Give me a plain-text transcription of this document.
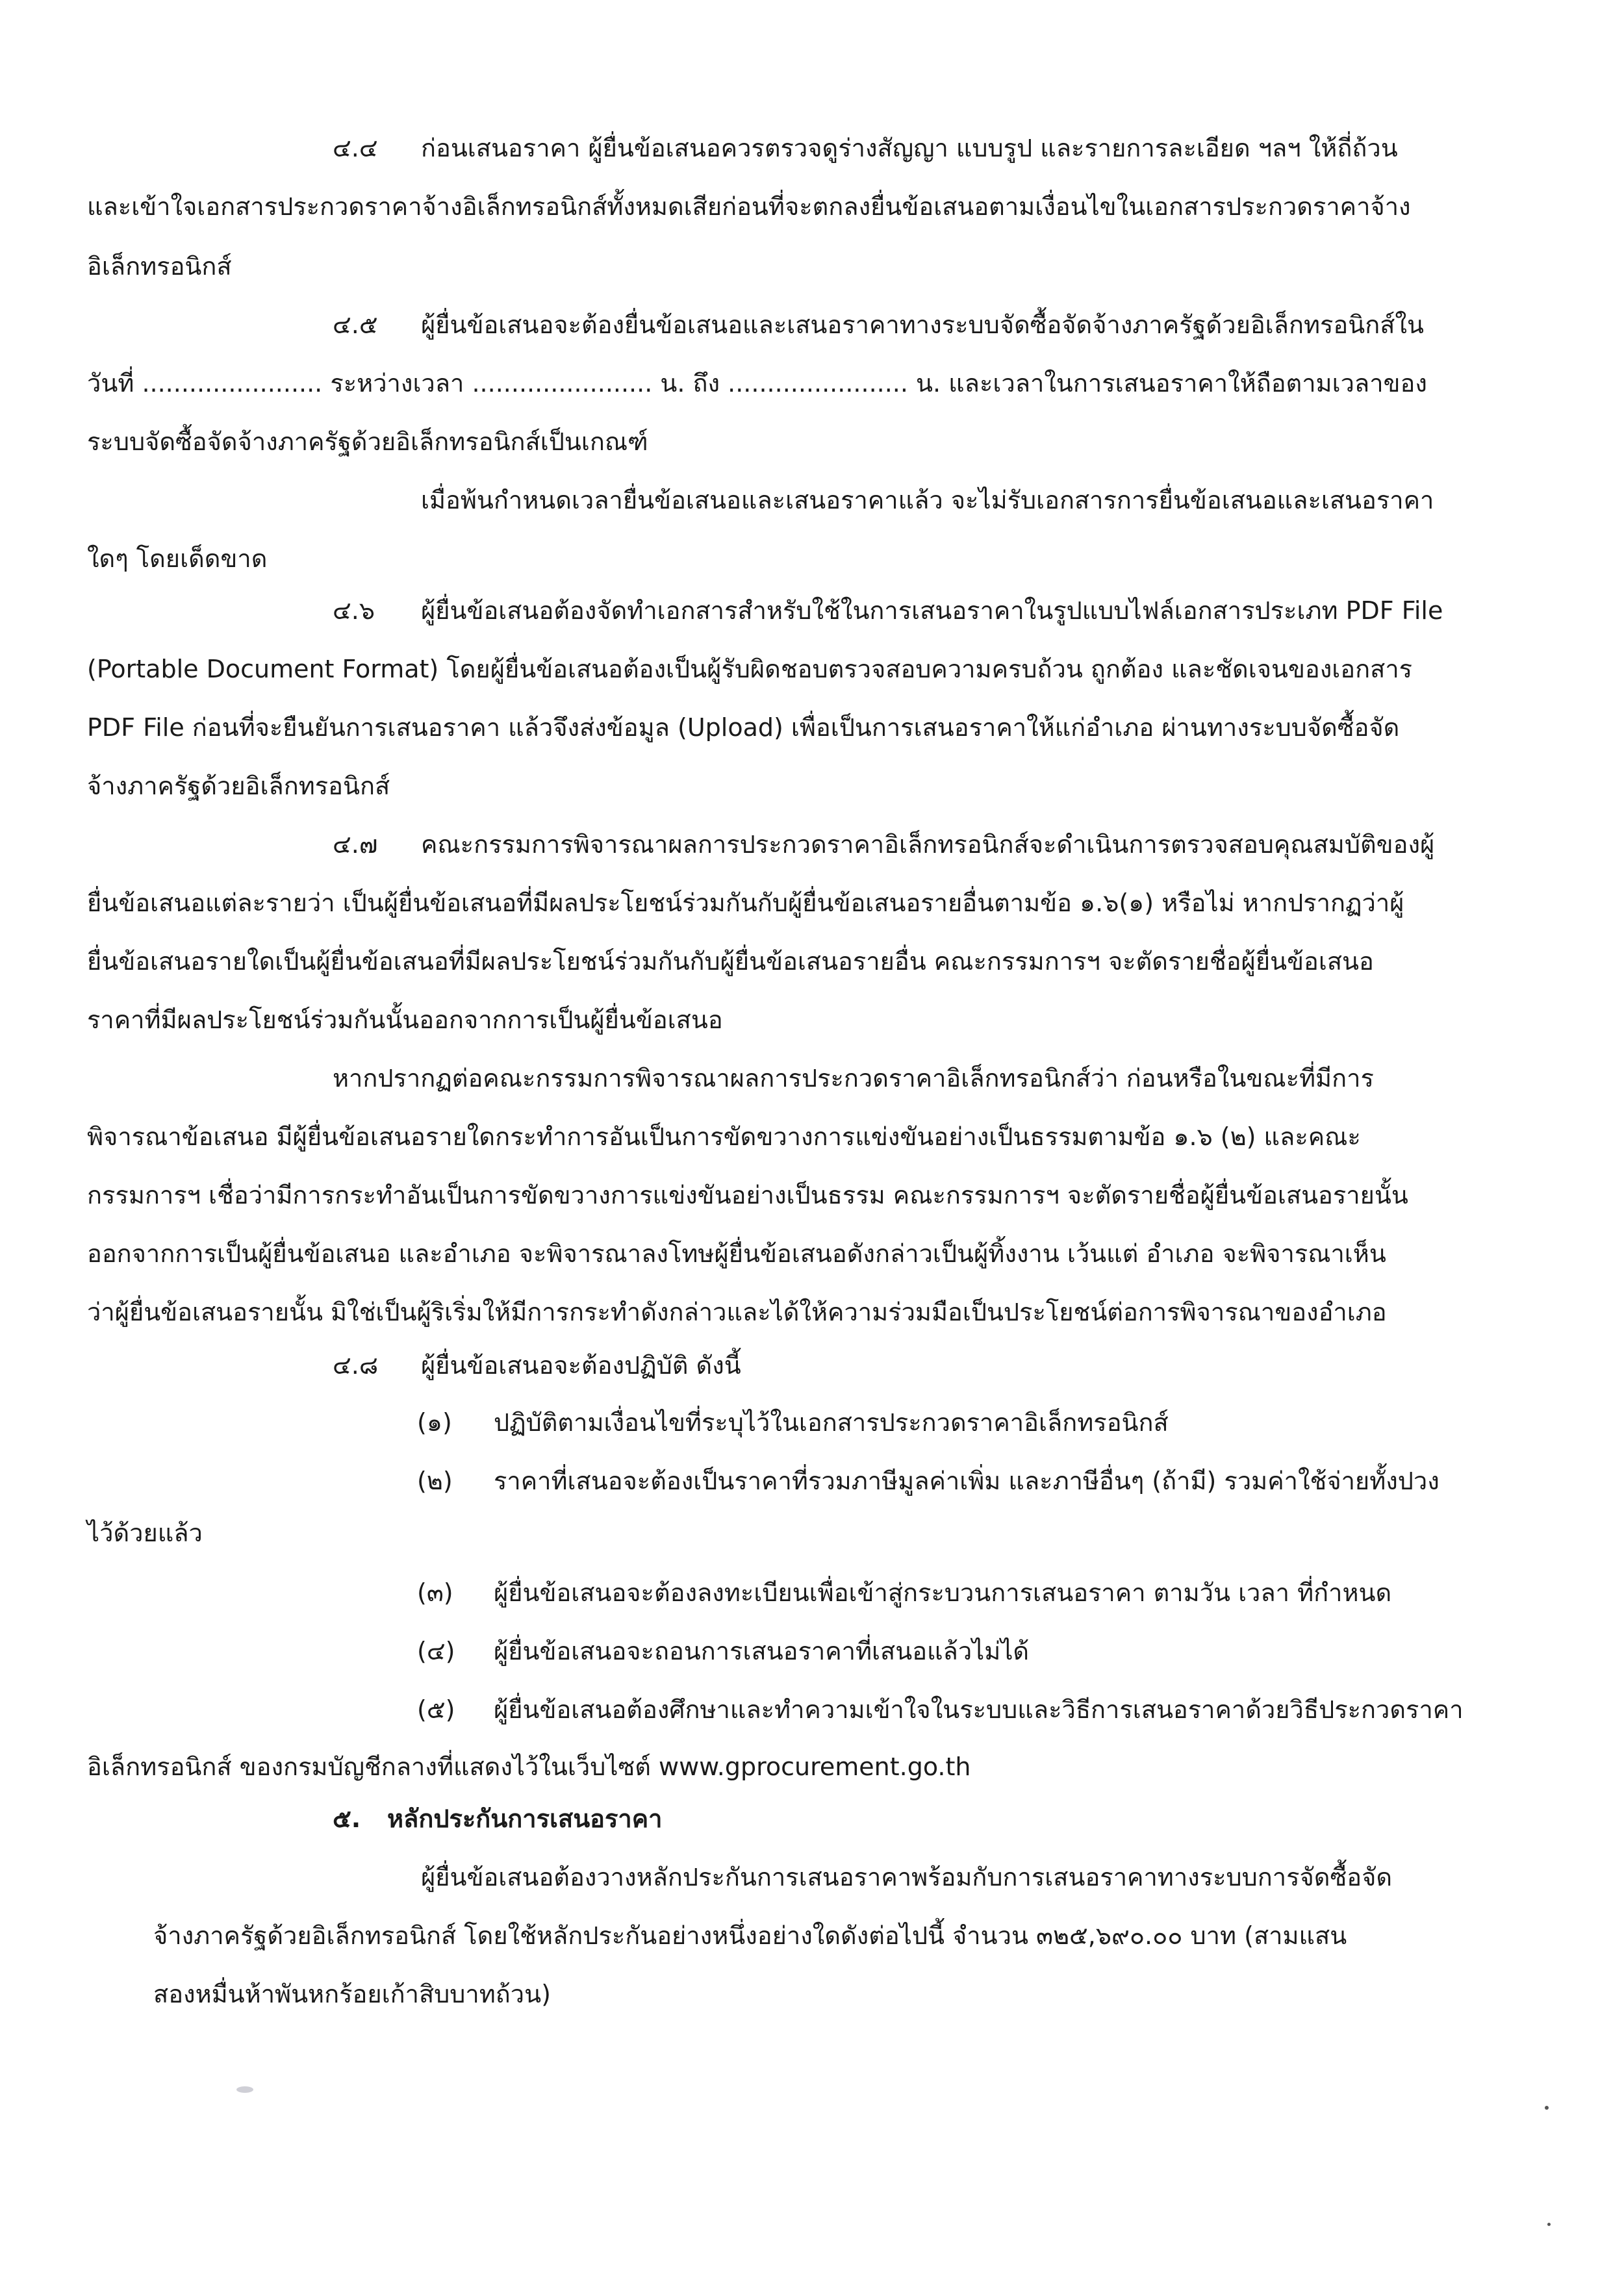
๔.๔ ก่อนเสนอราคา ผู้ยื่นข้อเสนอควรตรวจดูร่างสัญญา แบบรูป และรายการละเอียด ฯลฯ ให้ถี่ถ้วน
และเข้าใจเอกสารประกวดราคาจ้างอิเล็กทรอนิกส์ทั้งหมดเสียก่อนที่จะตกลงยื่นข้อเสนอตามเงื่อนไขในเอกสารประกวดราคาจ้าง
อิเล็กทรอนิกส์
๔.๕ ผู้ยื่นข้อเสนอจะต้องยื่นข้อเสนอและเสนอราคาทางระบบจัดซื้อจัดจ้างภาครัฐด้วยอิเล็กทรอนิกส์ใน
วันที่ ....................... ระหว่างเวลา ....................... น. ถึง ....................... น. และเวลาในการเสนอราคาให้ถือตามเวลาของ
ระบบจัดซื้อจัดจ้างภาครัฐด้วยอิเล็กทรอนิกส์เป็นเกณฑ์
เมื่อพ้นกำหนดเวลายื่นข้อเสนอและเสนอราคาแล้ว จะไม่รับเอกสารการยื่นข้อเสนอและเสนอราคา
ใดๆ โดยเด็ดขาด
๔.๖ ผู้ยื่นข้อเสนอต้องจัดทำเอกสารสำหรับใช้ในการเสนอราคาในรูปแบบไฟล์เอกสารประเภท PDF File
(Portable Document Format) โดยผู้ยื่นข้อเสนอต้องเป็นผู้รับผิดชอบตรวจสอบความครบถ้วน ถูกต้อง และชัดเจนของเอกสาร
PDF File ก่อนที่จะยืนยันการเสนอราคา แล้วจึงส่งข้อมูล (Upload) เพื่อเป็นการเสนอราคาให้แก่อำเภอ ผ่านทางระบบจัดซื้อจัด
จ้างภาครัฐด้วยอิเล็กทรอนิกส์
๔.๗ คณะกรรมการพิจารณาผลการประกวดราคาอิเล็กทรอนิกส์จะดำเนินการตรวจสอบคุณสมบัติของผู้
ยื่นข้อเสนอแต่ละรายว่า เป็นผู้ยื่นข้อเสนอที่มีผลประโยชน์ร่วมกันกับผู้ยื่นข้อเสนอรายอื่นตามข้อ ๑.๖(๑) หรือไม่ หากปรากฏว่าผู้
ยื่นข้อเสนอรายใดเป็นผู้ยื่นข้อเสนอที่มีผลประโยชน์ร่วมกันกับผู้ยื่นข้อเสนอรายอื่น คณะกรรมการฯ จะตัดรายชื่อผู้ยื่นข้อเสนอ
ราคาที่มีผลประโยชน์ร่วมกันนั้นออกจากการเป็นผู้ยื่นข้อเสนอ
หากปรากฏต่อคณะกรรมการพิจารณาผลการประกวดราคาอิเล็กทรอนิกส์ว่า ก่อนหรือในขณะที่มีการ
พิจารณาข้อเสนอ มีผู้ยื่นข้อเสนอรายใดกระทำการอันเป็นการขัดขวางการแข่งขันอย่างเป็นธรรมตามข้อ ๑.๖ (๒) และคณะ
กรรมการฯ เชื่อว่ามีการกระทำอันเป็นการขัดขวางการแข่งขันอย่างเป็นธรรม คณะกรรมการฯ จะตัดรายชื่อผู้ยื่นข้อเสนอรายนั้น
ออกจากการเป็นผู้ยื่นข้อเสนอ และอำเภอ จะพิจารณาลงโทษผู้ยื่นข้อเสนอดังกล่าวเป็นผู้ทิ้งงาน เว้นแต่ อำเภอ จะพิจารณาเห็น
ว่าผู้ยื่นข้อเสนอรายนั้น มิใช่เป็นผู้ริเริ่มให้มีการกระทำดังกล่าวและได้ให้ความร่วมมือเป็นประโยชน์ต่อการพิจารณาของอำเภอ
๔.๘ ผู้ยื่นข้อเสนอจะต้องปฏิบัติ ดังนี้
(๑) ปฏิบัติตามเงื่อนไขที่ระบุไว้ในเอกสารประกวดราคาอิเล็กทรอนิกส์
(๒) ราคาที่เสนอจะต้องเป็นราคาที่รวมภาษีมูลค่าเพิ่ม และภาษีอื่นๆ (ถ้ามี) รวมค่าใช้จ่ายทั้งปวง
ไว้ด้วยแล้ว
(๓) ผู้ยื่นข้อเสนอจะต้องลงทะเบียนเพื่อเข้าสู่กระบวนการเสนอราคา ตามวัน เวลา ที่กำหนด
(๔) ผู้ยื่นข้อเสนอจะถอนการเสนอราคาที่เสนอแล้วไม่ได้
(๕) ผู้ยื่นข้อเสนอต้องศึกษาและทำความเข้าใจในระบบและวิธีการเสนอราคาด้วยวิธีประกวดราคา
อิเล็กทรอนิกส์ ของกรมบัญชีกลางที่แสดงไว้ในเว็บไซต์ www.gprocurement.go.th
๕. หลักประกันการเสนอราคา
ผู้ยื่นข้อเสนอต้องวางหลักประกันการเสนอราคาพร้อมกับการเสนอราคาทางระบบการจัดซื้อจัด
จ้างภาครัฐด้วยอิเล็กทรอนิกส์ โดยใช้หลักประกันอย่างหนึ่งอย่างใดดังต่อไปนี้ จำนวน ๓๒๕,๖๙๐.๐๐ บาท (สามแสน
สองหมื่นห้าพันหกร้อยเก้าสิบบาทถ้วน)
